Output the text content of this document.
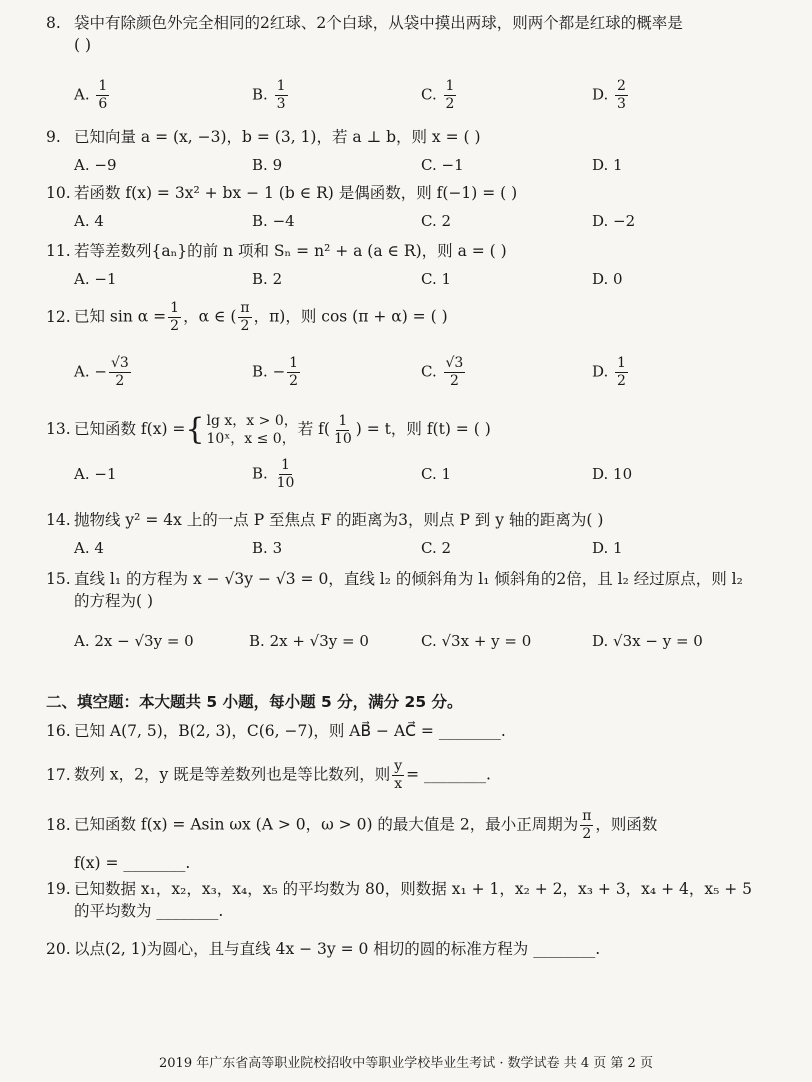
8. 袋中有除颜色外完全相同的2红球、2个白球，从袋中摸出两球，则两个都是红球的概率是
( )
A. $\frac{1}{6}$	B. $\frac{1}{3}$	C. $\frac{1}{2}$	D. $\frac{2}{3}$
9. 已知向量 a = (x, −3)，b = (3, 1)，若 a ⊥ b，则 x = ( )
A. −9	B. 9	C. −1	D. 1
10. 若函数 f(x) = 3x² + bx − 1 (b ∈ R) 是偶函数，则 f(−1) = ( )
A. 4	B. −4	C. 2	D. −2
11. 若等差数列{aₙ}的前 n 项和 Sₙ = n² + a (a ∈ R)，则 a = ( )
A. −1	B. 2	C. 1	D. 0
12. 已知 $\sin \alpha = \frac{1}{2}$ ，α ∈ ( $\frac{\pi}{2}$ ，π)，则 cos (π + α) = ( )
A. − $\frac{√3}{2}$	B. − $\frac{1}{2}$	C. $\frac{√3}{2}$	D. $\frac{1}{2}$
13. 已知函数 f(x) ={ lg x，x > 0，
10ˣ，x ≤ 0，
若 $f( \frac{1}{10}$ ) = t，则 f(t) = ( )
A. −1	B. $\frac{1}{10}$	C. 1	D. 10
14. 抛物线 y² = 4x 上的一点 P 至焦点 F 的距离为3，则点 P 到 y 轴的距离为( )
A. 4	B. 3	C. 2	D. 1
15. 直线 l₁ 的方程为 x − √3y − √3 = 0，直线 l₂ 的倾斜角为 l₁ 倾斜角的2倍，且 l₂ 经过原点，则 l₂
的方程为( )
A. 2x − √3y = 0	B. 2x + √3y = 0	C. √3x + y = 0	D. √3x − y = 0
二、填空题：本大题共 5 小题，每小题 5 分，满分 25 分。
16. 已知 A(7, 5)，B(2, 3)，C(6, −7)，则 AB⃗ − AC⃗ = ________.
17. 数列 x，2，y 既是等差数列也是等比数列，则 $\frac{y}{x}$ = ________.
18. 已知函数 f(x) = Asin ωx (A > 0，ω > 0) 的最大值是 2，最小正周期为 $\frac{\pi}{2}$ ，则函数
f(x) = ________.
19. 已知数据 x₁，x₂，x₃，x₄，x₅ 的平均数为 80，则数据 x₁ + 1，x₂ + 2，x₃ + 3，x₄ + 4，x₅ + 5
的平均数为 ________.
20. 以点(2, 1)为圆心，且与直线 4x − 3y = 0 相切的圆的标准方程为 ________.
2019 年广东省高等职业院校招收中等职业学校毕业生考试 · 数学试卷 共 4 页 第 2 页
